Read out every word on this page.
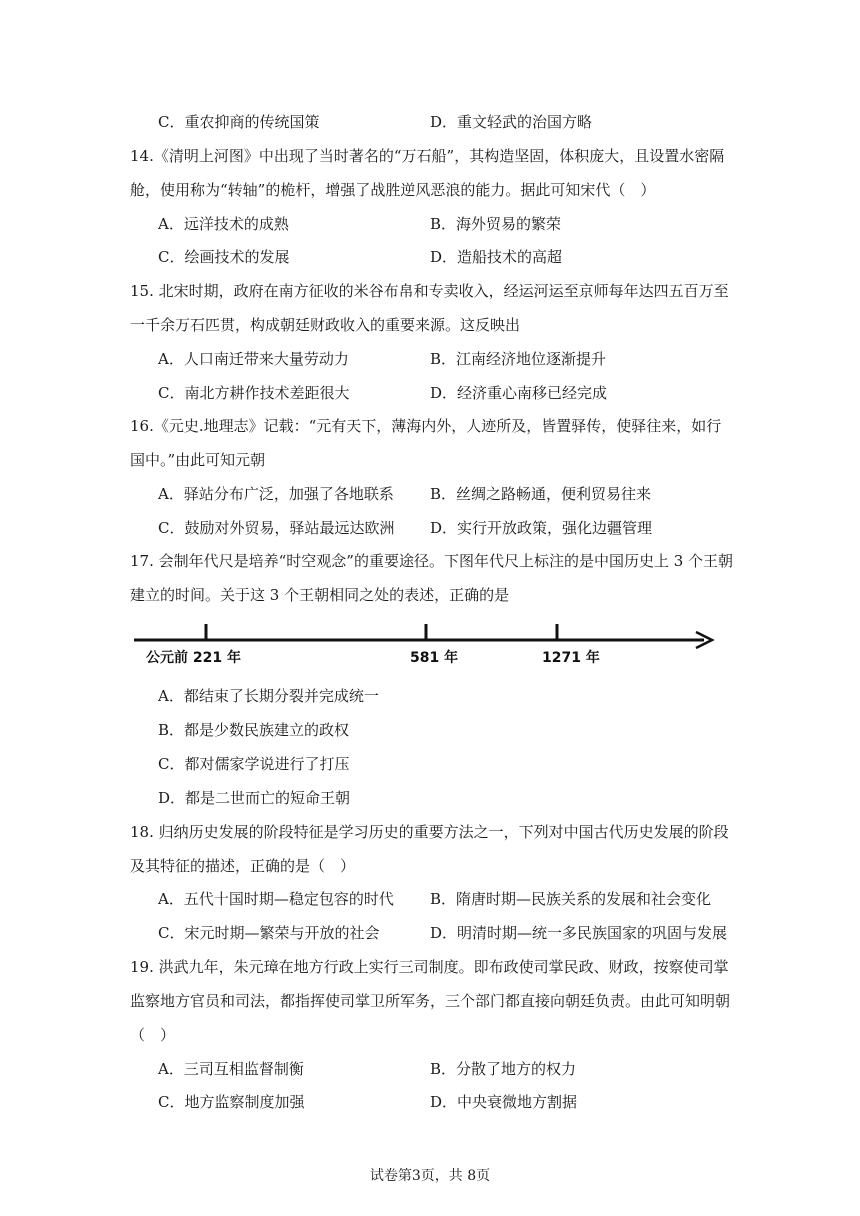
C．重农抑商的传统国策	D．重文轻武的治国方略
14.《清明上河图》中出现了当时著名的“万石船”，其构造坚固，体积庞大，且设置水密隔
舱，使用称为“转轴”的桅杆，增强了战胜逆风恶浪的能力。据此可知宋代（　）
A．远洋技术的成熟	B．海外贸易的繁荣
C．绘画技术的发展	D．造船技术的高超
15. 北宋时期，政府在南方征收的米谷布帛和专卖收入，经运河运至京师每年达四五百万至
一千余万石匹贯，构成朝廷财政收入的重要来源。这反映出
A．人口南迁带来大量劳动力	B．江南经济地位逐渐提升
C．南北方耕作技术差距很大	D．经济重心南移已经完成
16.《元史.地理志》记载：“元有天下，薄海内外，人迹所及，皆置驿传，使驿往来，如行
国中。”由此可知元朝
A．驿站分布广泛，加强了各地联系 B．丝绸之路畅通，便利贸易往来
C．鼓励对外贸易，驿站最远达欧洲 D．实行开放政策，强化边疆管理
17. 会制年代尺是培养“时空观念”的重要途径。下图年代尺上标注的是中国历史上 3 个王朝
建立的时间。关于这 3 个王朝相同之处的表述，正确的是
A．都结束了长期分裂并完成统一
B．都是少数民族建立的政权
C．都对儒家学说进行了打压
D．都是二世而亡的短命王朝
18. 归纳历史发展的阶段特征是学习历史的重要方法之一，下列对中国古代历史发展的阶段
及其特征的描述，正确的是（　）
A．五代十国时期—稳定包容的时代 B．隋唐时期—民族关系的发展和社会变化
C．宋元时期—繁荣与开放的社会	D．明清时期—统一多民族国家的巩固与发展
19. 洪武九年，朱元璋在地方行政上实行三司制度。即布政使司掌民政、财政，按察使司掌
监察地方官员和司法，都指挥使司掌卫所军务，三个部门都直接向朝廷负责。由此可知明朝
（　）
A．三司互相监督制衡	B．分散了地方的权力
C．地方监察制度加强	D．中央衰微地方割据
公元前 221 年	581 年	1271 年
试卷第3页，共 8页
